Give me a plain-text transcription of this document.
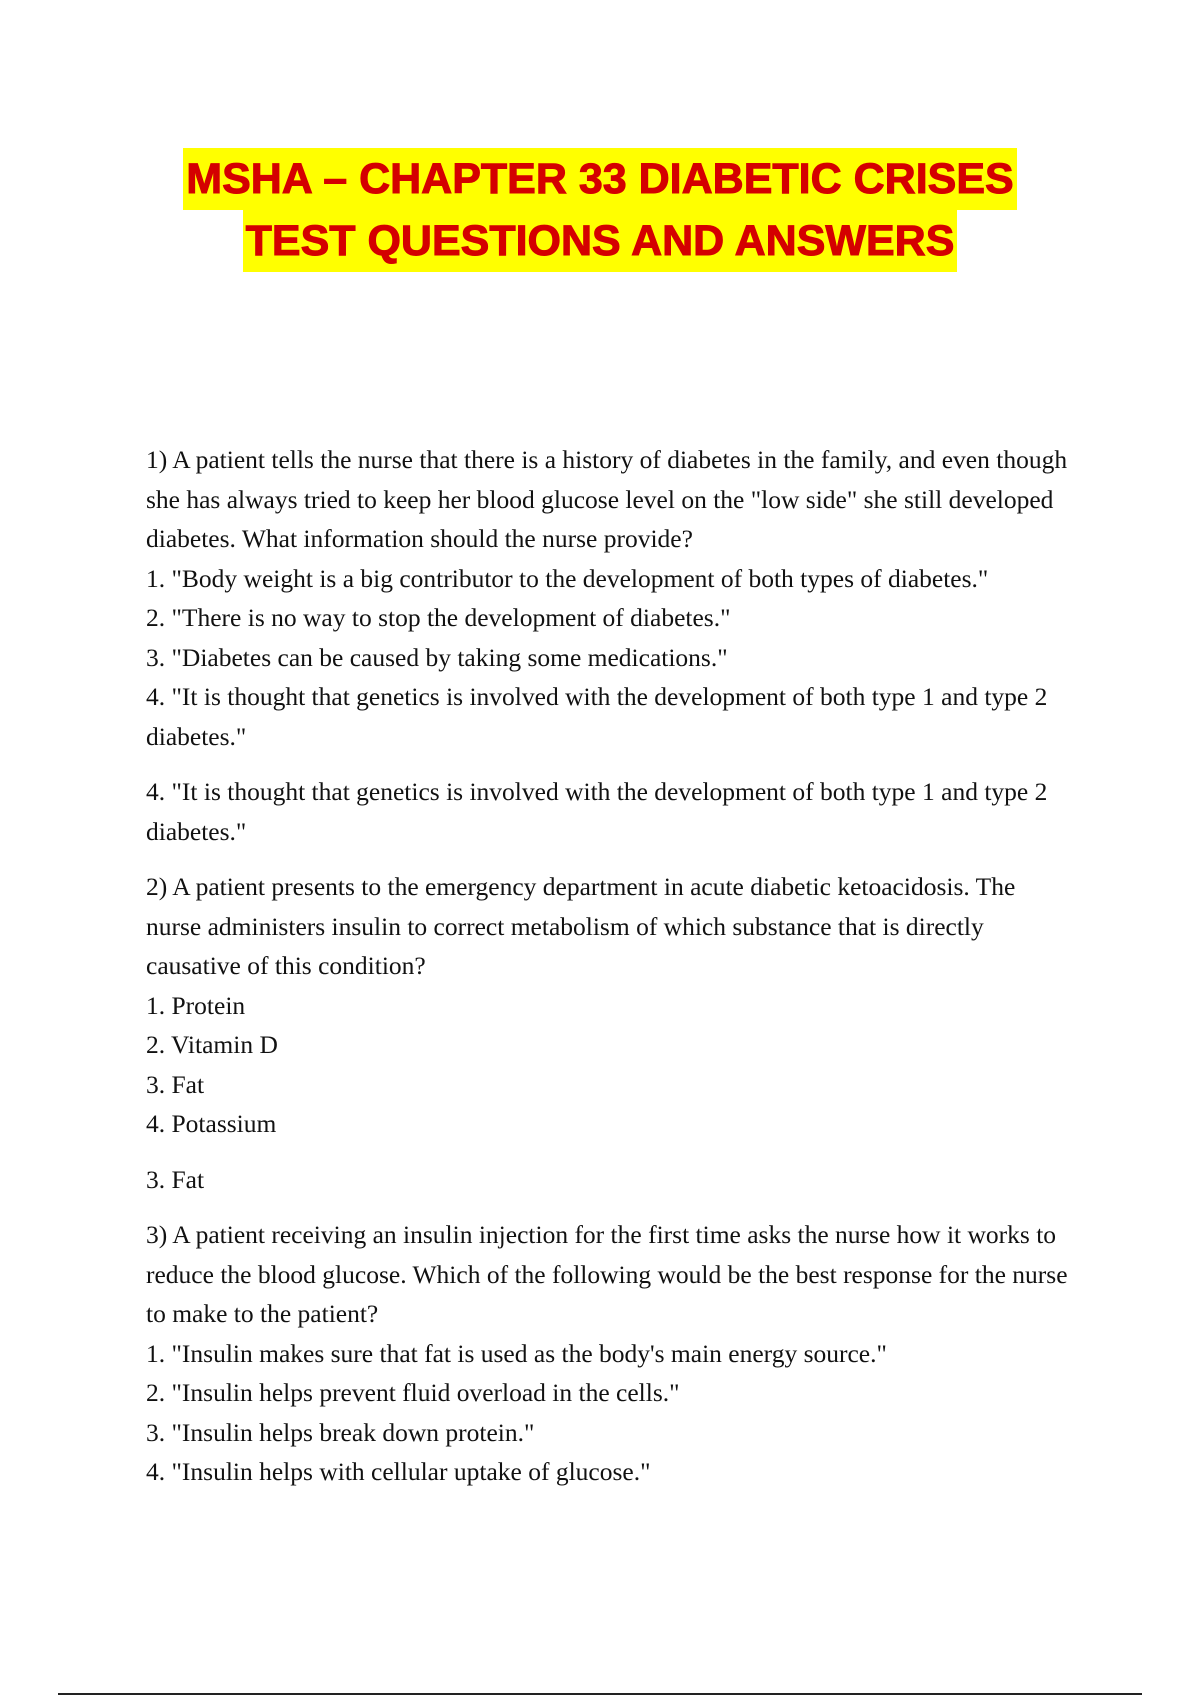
MSHA – CHAPTER 33 DIABETIC CRISES
TEST QUESTIONS AND ANSWERS
1) A patient tells the nurse that there is a history of diabetes in the family, and even though she has always tried to keep her blood glucose level on the "low side" she still developed diabetes. What information should the nurse provide?
1. "Body weight is a big contributor to the development of both types of diabetes."
2. "There is no way to stop the development of diabetes."
3. "Diabetes can be caused by taking some medications."
4. "It is thought that genetics is involved with the development of both type 1 and type 2 diabetes."
4. "It is thought that genetics is involved with the development of both type 1 and type 2 diabetes."
2) A patient presents to the emergency department in acute diabetic ketoacidosis. The nurse administers insulin to correct metabolism of which substance that is directly causative of this condition?
1. Protein
2. Vitamin D
3. Fat
4. Potassium
3. Fat
3) A patient receiving an insulin injection for the first time asks the nurse how it works to reduce the blood glucose. Which of the following would be the best response for the nurse to make to the patient?
1. "Insulin makes sure that fat is used as the body's main energy source."
2. "Insulin helps prevent fluid overload in the cells."
3. "Insulin helps break down protein."
4. "Insulin helps with cellular uptake of glucose."
